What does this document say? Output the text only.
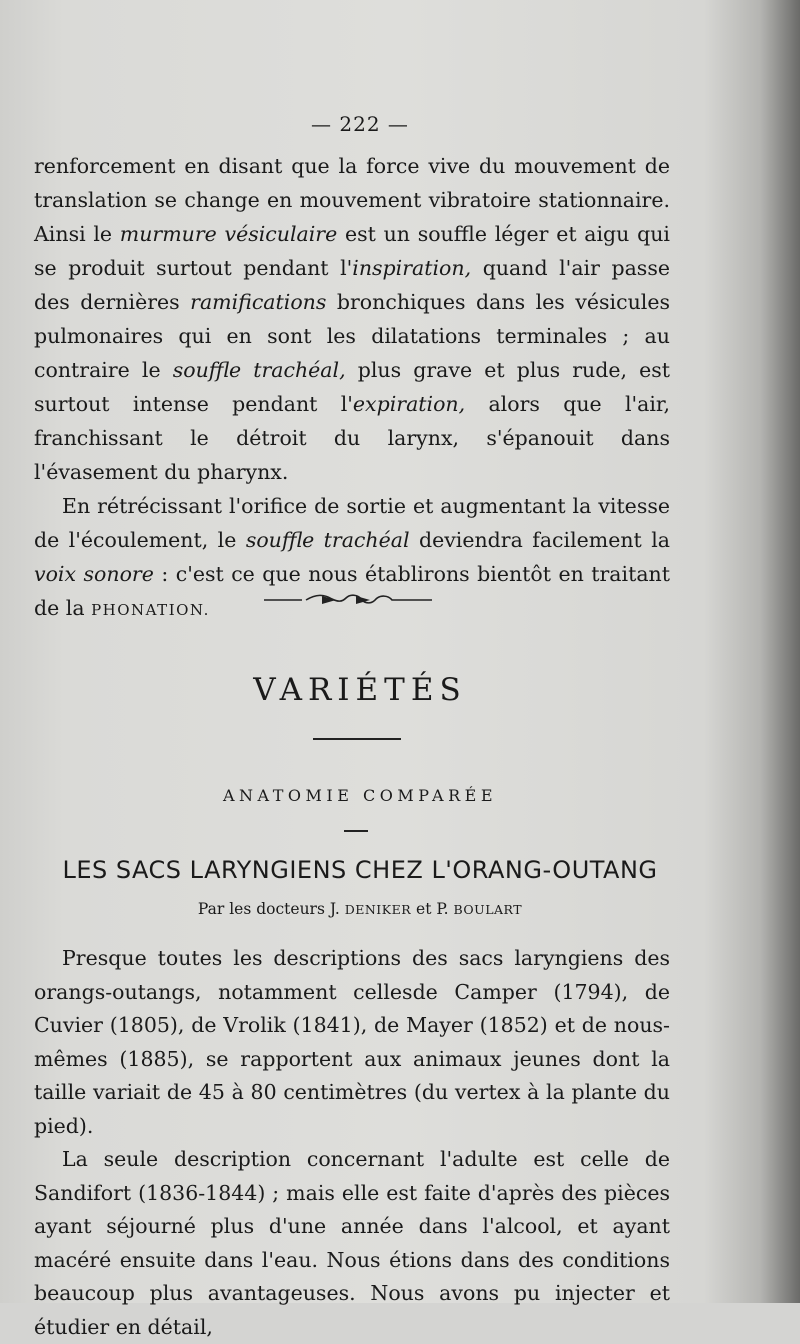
— 222 —

renforcement en disant que la force vive du mouvement de translation se change en mouvement vibratoire stationnaire. Ainsi le murmure vésiculaire est un souffle léger et aigu qui se produit surtout pendant l'inspiration, quand l'air passe des dernières ramifications bronchiques dans les vésicules pulmonaires qui en sont les dilatations terminales ; au contraire le souffle trachéal, plus grave et plus rude, est surtout intense pendant l'expiration, alors que l'air, franchissant le détroit du larynx, s'épanouit dans l'évasement du pharynx.

En rétrécissant l'orifice de sortie et augmentant la vitesse de l'écoulement, le souffle trachéal deviendra facilement la voix sonore : c'est ce que nous établirons bientôt en traitant de la PHONATION.

VARIÉTÉS
ANATOMIE COMPARÉE
LES SACS LARYNGIENS CHEZ L'ORANG-OUTANG
Par les docteurs J. DENIKER et P. BOULART

Presque toutes les descriptions des sacs laryngiens des orangs-outangs, notamment cellesde Camper (1794), de Cuvier (1805), de Vrolik (1841), de Mayer (1852) et de nous-mêmes (1885), se rapportent aux animaux jeunes dont la taille variait de 45 à 80 centimètres (du vertex à la plante du pied).

La seule description concernant l'adulte est celle de Sandifort (1836-1844) ; mais elle est faite d'après des pièces ayant séjourné plus d'une année dans l'alcool, et ayant macéré ensuite dans l'eau. Nous étions dans des conditions beaucoup plus avantageuses. Nous avons pu injecter et étudier en détail,
